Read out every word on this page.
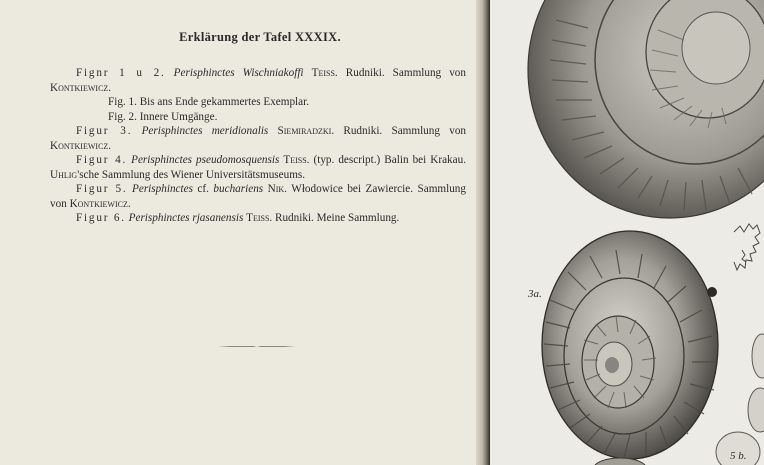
Erklärung der Tafel XXXIX.

Fignr 1 u 2. Perisphinctes Wischniakoffi Teiss. Rudniki. Sammlung von Kontkiewicz.

Fig. 1. Bis ans Ende gekammertes Exemplar.

Fig. 2. Innere Umgänge.

Figur 3. Perisphinctes meridionalis Siemiradzki. Rudniki. Sammlung von Kontkiewicz.

Figur 4. Perisphinctes pseudomosquensis Teiss. (typ. descript.) Balin bei Krakau. Uhlig'sche Sammlung des Wiener Universitätsmuseums.

Figur 5. Perisphinctes cf. buchariens Nik. Włodowice bei Zawiercie. Sammlung von Kontkiewicz.

Figur 6. Perisphinctes rjasanensis Teiss. Rudniki. Meine Sammlung.

3a.
5 b.
